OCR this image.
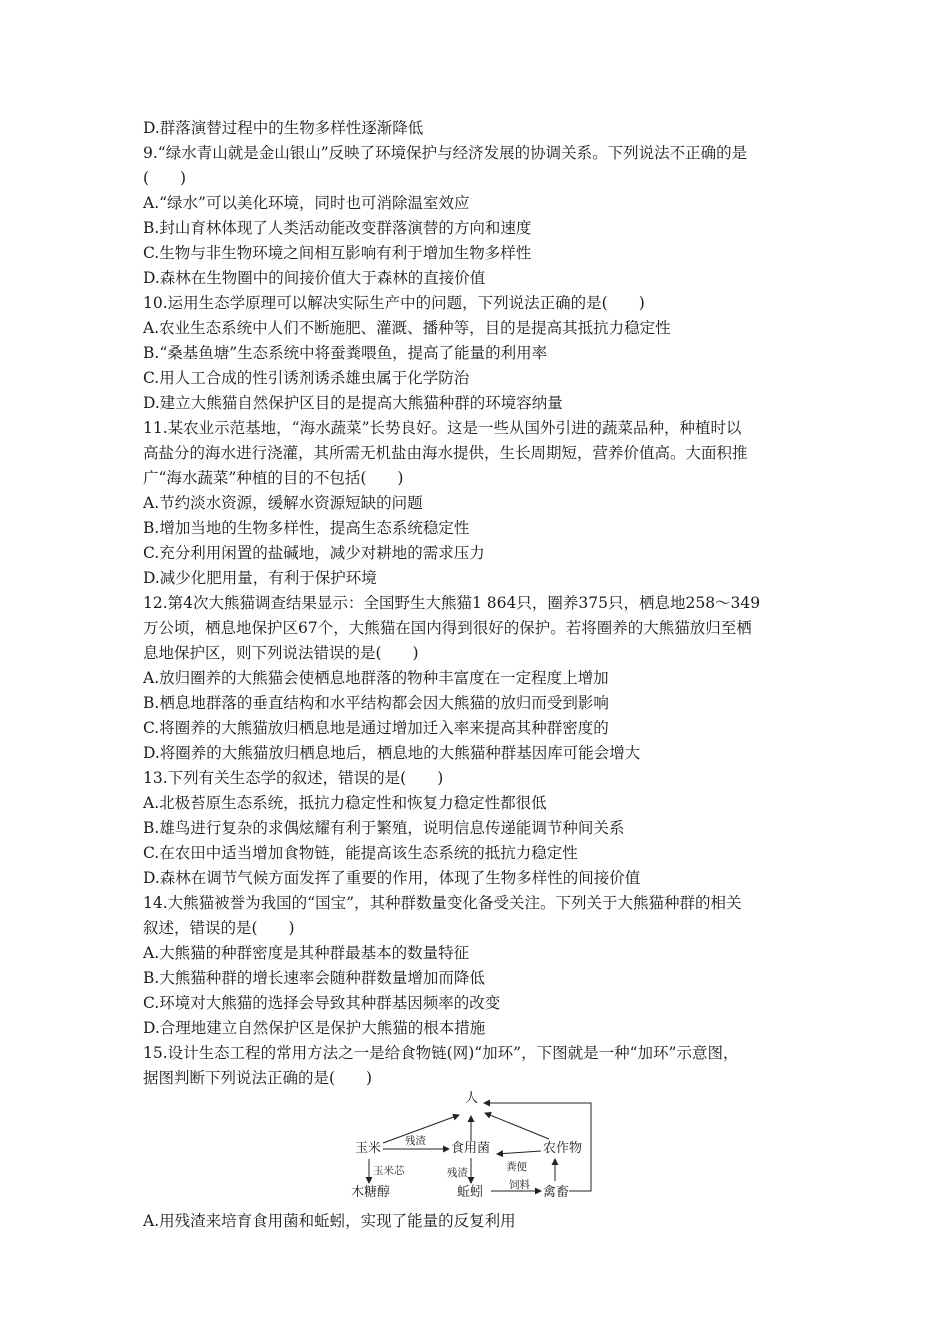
D.群落演替过程中的生物多样性逐渐降低
9.“绿水青山就是金山银山”反映了环境保护与经济发展的协调关系。下列说法不正确的是
(　　)
A.“绿水”可以美化环境，同时也可消除温室效应
B.封山育林体现了人类活动能改变群落演替的方向和速度
C.生物与非生物环境之间相互影响有利于增加生物多样性
D.森林在生物圈中的间接价值大于森林的直接价值
10.运用生态学原理可以解决实际生产中的问题，下列说法正确的是(　　)
A.农业生态系统中人们不断施肥、灌溉、播种等，目的是提高其抵抗力稳定性
B.“桑基鱼塘”生态系统中将蚕粪喂鱼，提高了能量的利用率
C.用人工合成的性引诱剂诱杀雄虫属于化学防治
D.建立大熊猫自然保护区目的是提高大熊猫种群的环境容纳量
11.某农业示范基地，“海水蔬菜”长势良好。这是一些从国外引进的蔬菜品种，种植时以
高盐分的海水进行浇灌，其所需无机盐由海水提供，生长周期短，营养价值高。大面积推
广“海水蔬菜”种植的目的不包括(　　)
A.节约淡水资源，缓解水资源短缺的问题
B.增加当地的生物多样性，提高生态系统稳定性
C.充分利用闲置的盐碱地，减少对耕地的需求压力
D.减少化肥用量，有利于保护环境
12.第4次大熊猫调查结果显示：全国野生大熊猫1 864只，圈养375只，栖息地258～349
万公顷，栖息地保护区67个，大熊猫在国内得到很好的保护。若将圈养的大熊猫放归至栖
息地保护区，则下列说法错误的是(　　)
A.放归圈养的大熊猫会使栖息地群落的物种丰富度在一定程度上增加
B.栖息地群落的垂直结构和水平结构都会因大熊猫的放归而受到影响
C.将圈养的大熊猫放归栖息地是通过增加迁入率来提高其种群密度的
D.将圈养的大熊猫放归栖息地后，栖息地的大熊猫种群基因库可能会增大
13.下列有关生态学的叙述，错误的是(　　)
A.北极苔原生态系统，抵抗力稳定性和恢复力稳定性都很低
B.雄鸟进行复杂的求偶炫耀有利于繁殖，说明信息传递能调节种间关系
C.在农田中适当增加食物链，能提高该生态系统的抵抗力稳定性
D.森林在调节气候方面发挥了重要的作用，体现了生物多样性的间接价值
14.大熊猫被誉为我国的“国宝”，其种群数量变化备受关注。下列关于大熊猫种群的相关
叙述，错误的是(　　)
A.大熊猫的种群密度是其种群最基本的数量特征
B.大熊猫种群的增长速率会随种群数量增加而降低
C.环境对大熊猫的选择会导致其种群基因频率的改变
D.合理地建立自然保护区是保护大熊猫的根本措施
15.设计生态工程的常用方法之一是给食物链(网)“加环”，下图就是一种“加环”示意图，
据图判断下列说法正确的是(　　)
人
玉米	食用菌	农作物
木糖醇	蚯蚓	禽畜
残渣
玉米芯	残渣	粪便
饲料
A.用残渣来培育食用菌和蚯蚓，实现了能量的反复利用
